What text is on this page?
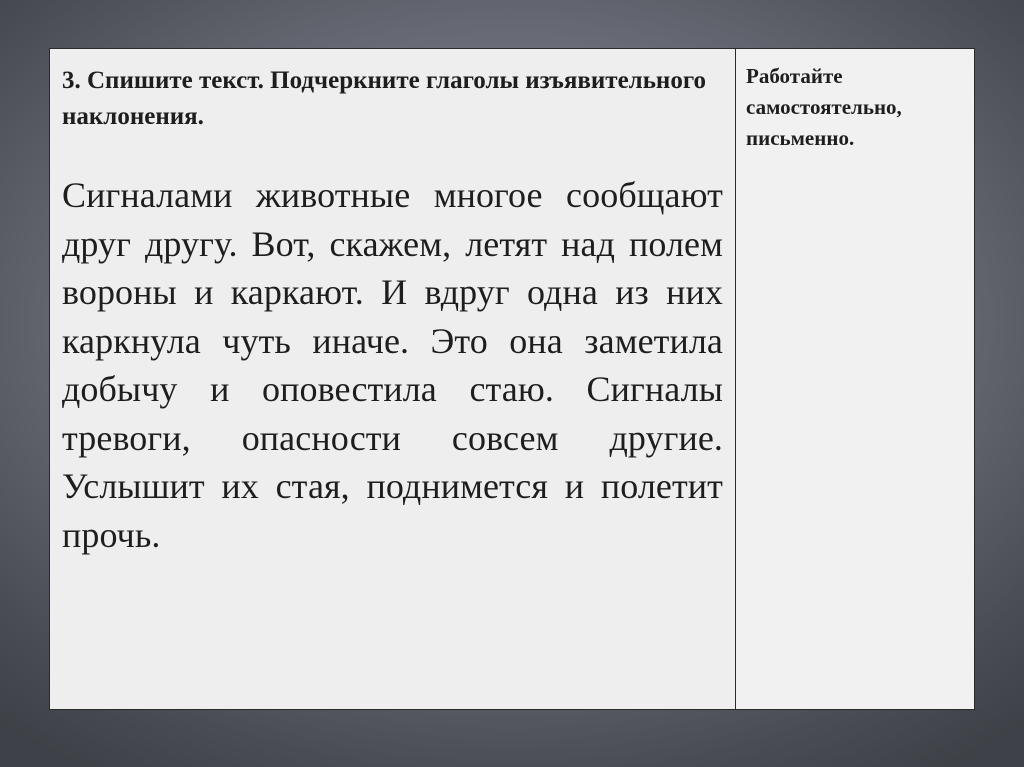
3. Спишите текст. Подчеркните глаголы изъявительного наклонения.

Сигналами животные многое сообщают друг другу. Вот, скажем, летят над полем вороны и каркают. И вдруг одна из них каркнула чуть иначе. Это она заметила добычу и оповестила стаю. Сигналы тревоги, опасности совсем другие. Услышит их стая, поднимется и полетит прочь.

Работайте
самостоятельно,
письменно.
